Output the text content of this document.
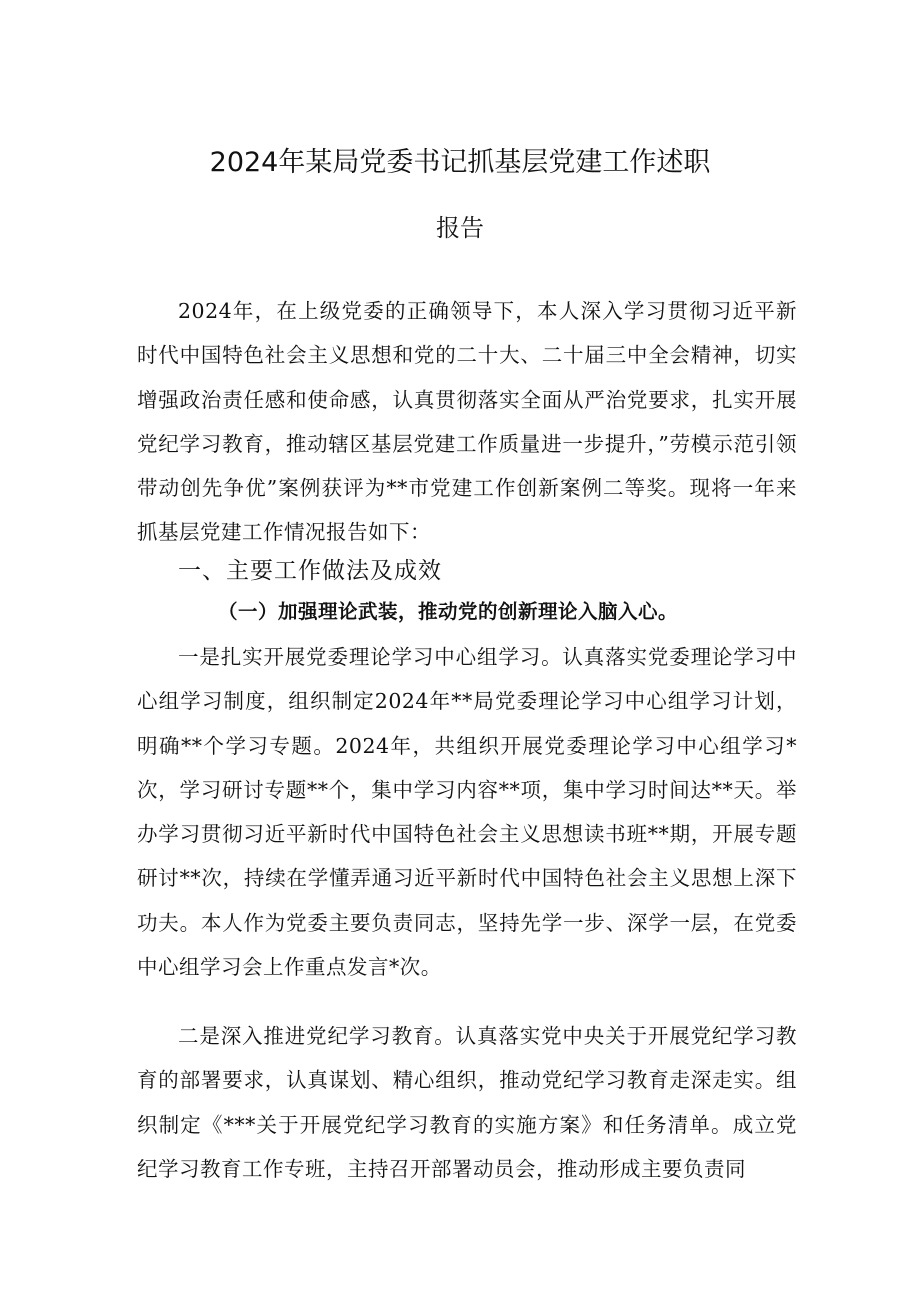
2024年某局党委书记抓基层党建工作述职
报告
2024年，在上级党委的正确领导下，本人深入学习贯彻习近平新时代中国特色社会主义思想和党的二十大、二十届三中全会精神，切实增强政治责任感和使命感，认真贯彻落实全面从严治党要求，扎实开展党纪学习教育，推动辖区基层党建工作质量进一步提升，”劳模示范引领带动创先争优”案例获评为**市党建工作创新案例二等奖。现将一年来抓基层党建工作情况报告如下：
一、主要工作做法及成效
（一）加强理论武装，推动党的创新理论入脑入心。
一是扎实开展党委理论学习中心组学习。认真落实党委理论学习中心组学习制度，组织制定2024年**局党委理论学习中心组学习计划，明确**个学习专题。2024年，共组织开展党委理论学习中心组学习*次，学习研讨专题**个，集中学习内容**项，集中学习时间达**天。举办学习贯彻习近平新时代中国特色社会主义思想读书班**期，开展专题研讨**次，持续在学懂弄通习近平新时代中国特色社会主义思想上深下功夫。本人作为党委主要负责同志，坚持先学一步、深学一层，在党委中心组学习会上作重点发言*次。
二是深入推进党纪学习教育。认真落实党中央关于开展党纪学习教育的部署要求，认真谋划、精心组织，推动党纪学习教育走深走实。组织制定《***关于开展党纪学习教育的实施方案》和任务清单。成立党纪学习教育工作专班，主持召开部署动员会，推动形成主要负责同
